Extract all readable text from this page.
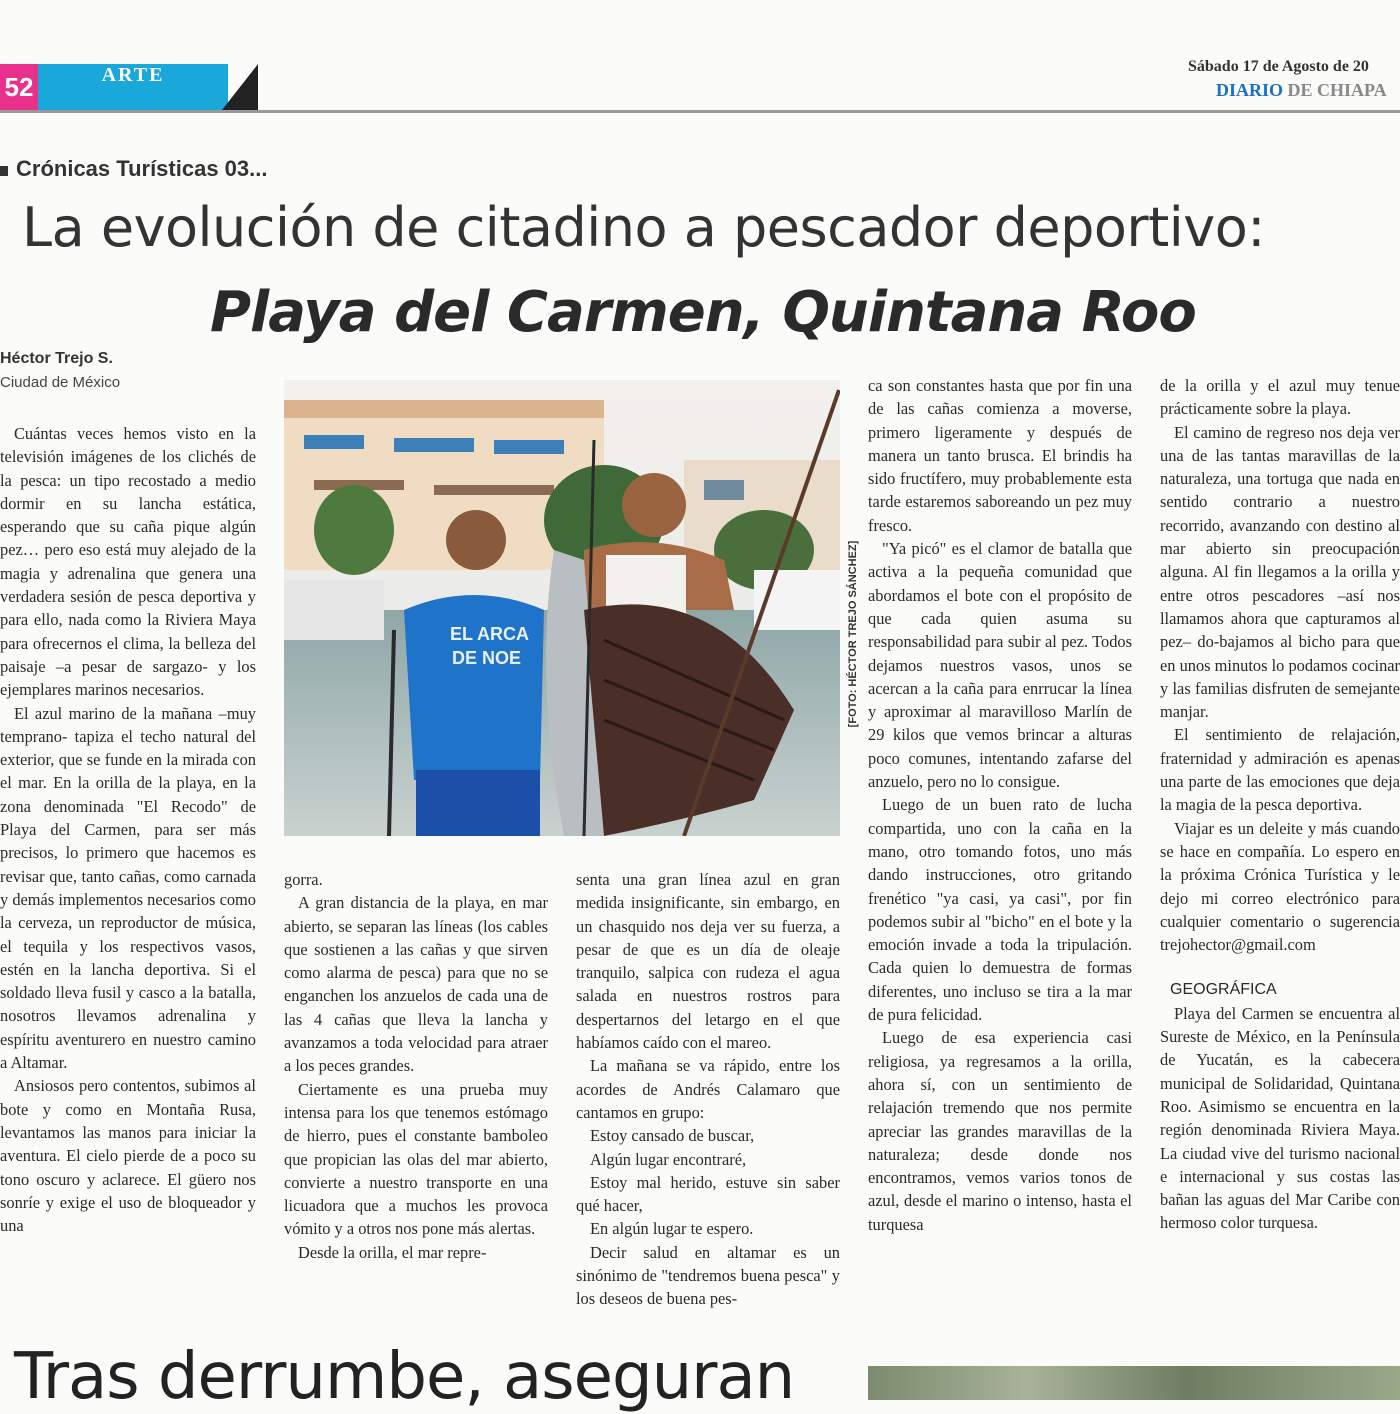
52	ARTE	Sábado 17 de Agosto de 20
DIARIO DE CHIAPA
Crónicas Turísticas 03...
La evolución de citadino a pescador deportivo:
Playa del Carmen, Quintana Roo
Héctor Trejo S.
Ciudad de México

Cuántas veces hemos visto en la televisión imágenes de los clichés de la pesca: un tipo recostado a medio dormir en su lancha estática, esperando que su caña pique algún pez… pero eso está muy alejado de la magia y adrenalina que genera una verdadera sesión de pesca deportiva y para ello, nada como la Riviera Maya para ofrecernos el clima, la belleza del paisaje –a pesar de sargazo- y los ejemplares marinos necesarios.

El azul marino de la mañana –muy temprano- tapiza el techo natural del exterior, que se funde en la mirada con el mar. En la orilla de la playa, en la zona denominada "El Recodo" de Playa del Carmen, para ser más precisos, lo primero que hacemos es revisar que, tanto cañas, como carnada y demás implementos necesarios como la cerveza, un reproductor de música, el tequila y los respectivos vasos, estén en la lancha deportiva. Si el soldado lleva fusil y casco a la batalla, nosotros llevamos adrenalina y espíritu aventurero en nuestro camino a Altamar.

Ansiosos pero contentos, subimos al bote y como en Montaña Rusa, levantamos las manos para iniciar la aventura. El cielo pierde de a poco su tono oscuro y aclarece. El güero nos sonríe y exige el uso de bloqueador y una

EL ARCA
DE NOE	[FOTO: HÉCTOR TREJO SÁNCHEZ]

gorra.

A gran distancia de la playa, en mar abierto, se separan las líneas (los cables que sostienen a las cañas y que sirven como alarma de pesca) para que no se enganchen los anzuelos de cada una de las 4 cañas que lleva la lancha y avanzamos a toda velocidad para atraer a los peces grandes.

Ciertamente es una prueba muy intensa para los que tenemos estómago de hierro, pues el constante bamboleo que propician las olas del mar abierto, convierte a nuestro transporte en una licuadora que a muchos les provoca vómito y a otros nos pone más alertas.

Desde la orilla, el mar repre-

senta una gran línea azul en gran medida insignificante, sin embargo, en un chasquido nos deja ver su fuerza, a pesar de que es un día de oleaje tranquilo, salpica con rudeza el agua salada en nuestros rostros para despertarnos del letargo en el que habíamos caído con el mareo.

La mañana se va rápido, entre los acordes de Andrés Calamaro que cantamos en grupo:

Estoy cansado de buscar,

Algún lugar encontraré,

Estoy mal herido, estuve sin saber qué hacer,

En algún lugar te espero.

Decir salud en altamar es un sinónimo de "tendremos buena pesca" y los deseos de buena pes-

ca son constantes hasta que por fin una de las cañas comienza a moverse, primero ligeramente y después de manera un tanto brusca. El brindis ha sido fructífero, muy probablemente esta tarde estaremos saboreando un pez muy fresco.

"Ya picó" es el clamor de batalla que activa a la pequeña comunidad que abordamos el bote con el propósito de que cada quien asuma su responsabilidad para subir al pez. Todos dejamos nuestros vasos, unos se acercan a la caña para enrrucar la línea y aproximar al maravilloso Marlín de 29 kilos que vemos brincar a alturas poco comunes, intentando zafarse del anzuelo, pero no lo consigue.

Luego de un buen rato de lucha compartida, uno con la caña en la mano, otro tomando fotos, uno más dando instrucciones, otro gritando frenético "ya casi, ya casi", por fin podemos subir al "bicho" en el bote y la emoción invade a toda la tripulación. Cada quien lo demuestra de formas diferentes, uno incluso se tira a la mar de pura felicidad.

Luego de esa experiencia casi religiosa, ya regresamos a la orilla, ahora sí, con un sentimiento de relajación tremendo que nos permite apreciar las grandes maravillas de la naturaleza; desde donde nos encontramos, vemos varios tonos de azul, desde el marino o intenso, hasta el turquesa

de la orilla y el azul muy tenue prácticamente sobre la playa.

El camino de regreso nos deja ver una de las tantas maravillas de la naturaleza, una tortuga que nada en sentido contrario a nuestro recorrido, avanzando con destino al mar abierto sin preocupación alguna. Al fin llegamos a la orilla y entre otros pescadores –así nos llamamos ahora que capturamos al pez– do-bajamos al bicho para que en unos minutos lo podamos cocinar y las familias disfruten de semejante manjar.

El sentimiento de relajación, fraternidad y admiración es apenas una parte de las emociones que deja la magia de la pesca deportiva.

Viajar es un deleite y más cuando se hace en compañía. Lo espero en la próxima Crónica Turística y le dejo mi correo electrónico para cualquier comentario o sugerencia trejohector@gmail.com

GEOGRÁFICA

Playa del Carmen se encuentra al Sureste de México, en la Península de Yucatán, es la cabecera municipal de Solidaridad, Quintana Roo. Asimismo se encuentra en la región denominada Riviera Maya. La ciudad vive del turismo nacional e internacional y sus costas las bañan las aguas del Mar Caribe con hermoso color turquesa.

Tras derrumbe, aseguran
